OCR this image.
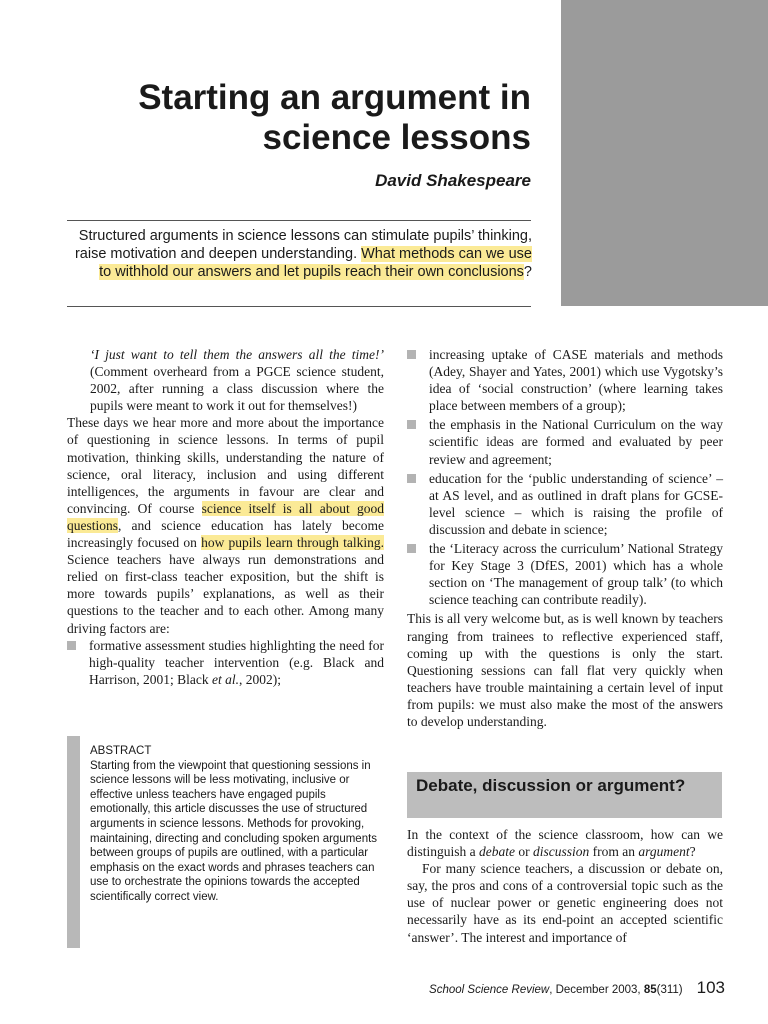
Starting an argument in
science lessons
David Shakespeare
Structured arguments in science lessons can stimulate pupils’ thinking, raise motivation and deepen understanding. What methods can we use to withhold our answers and let pupils reach their own conclusions?

‘I just want to tell them the answers all the time!’ (Comment overheard from a PGCE science student, 2002, after running a class discussion where the pupils were meant to work it out for themselves!)

These days we hear more and more about the importance of questioning in science lessons. In terms of pupil motivation, thinking skills, understanding the nature of science, oral literacy, inclusion and using different intelligences, the arguments in favour are clear and convincing. Of course science itself is all about good questions, and science education has lately become increasingly focused on how pupils learn through talking. Science teachers have always run demonstrations and relied on first-class teacher exposition, but the shift is more towards pupils’ explanations, as well as their questions to the teacher and to each other. Among many driving factors are:

formative assessment studies highlighting the need for high-quality teacher intervention (e.g. Black and Harrison, 2001; Black et al., 2002);
ABSTRACT
Starting from the viewpoint that questioning sessions in science lessons will be less motivating, inclusive or effective unless teachers have engaged pupils emotionally, this article discusses the use of structured arguments in science lessons. Methods for provoking, maintaining, directing and concluding spoken arguments between groups of pupils are outlined, with a particular emphasis on the exact words and phrases teachers can use to orchestrate the opinions towards the accepted scientifically correct view.
increasing uptake of CASE materials and methods (Adey, Shayer and Yates, 2001) which use Vygotsky’s idea of ‘social construction’ (where learning takes place between members of a group);
the emphasis in the National Curriculum on the way scientific ideas are formed and evaluated by peer review and agreement;
education for the ‘public understanding of science’ – at AS level, and as outlined in draft plans for GCSE-level science – which is raising the profile of discussion and debate in science;
the ‘Literacy across the curriculum’ National Strategy for Key Stage 3 (DfES, 2001) which has a whole section on ‘The management of group talk’ (to which science teaching can contribute readily).

This is all very welcome but, as is well known by teachers ranging from trainees to reflective experienced staff, coming up with the questions is only the start. Questioning sessions can fall flat very quickly when teachers have trouble maintaining a certain level of input from pupils: we must also make the most of the answers to develop understanding.

Debate, discussion or argument?

In the context of the science classroom, how can we distinguish a debate or discussion from an argument?

For many science teachers, a discussion or debate on, say, the pros and cons of a controversial topic such as the use of nuclear power or genetic engineering does not necessarily have as its end-point an accepted scientific ‘answer’. The interest and importance of

School Science Review, December 2003, 85(311) 103
